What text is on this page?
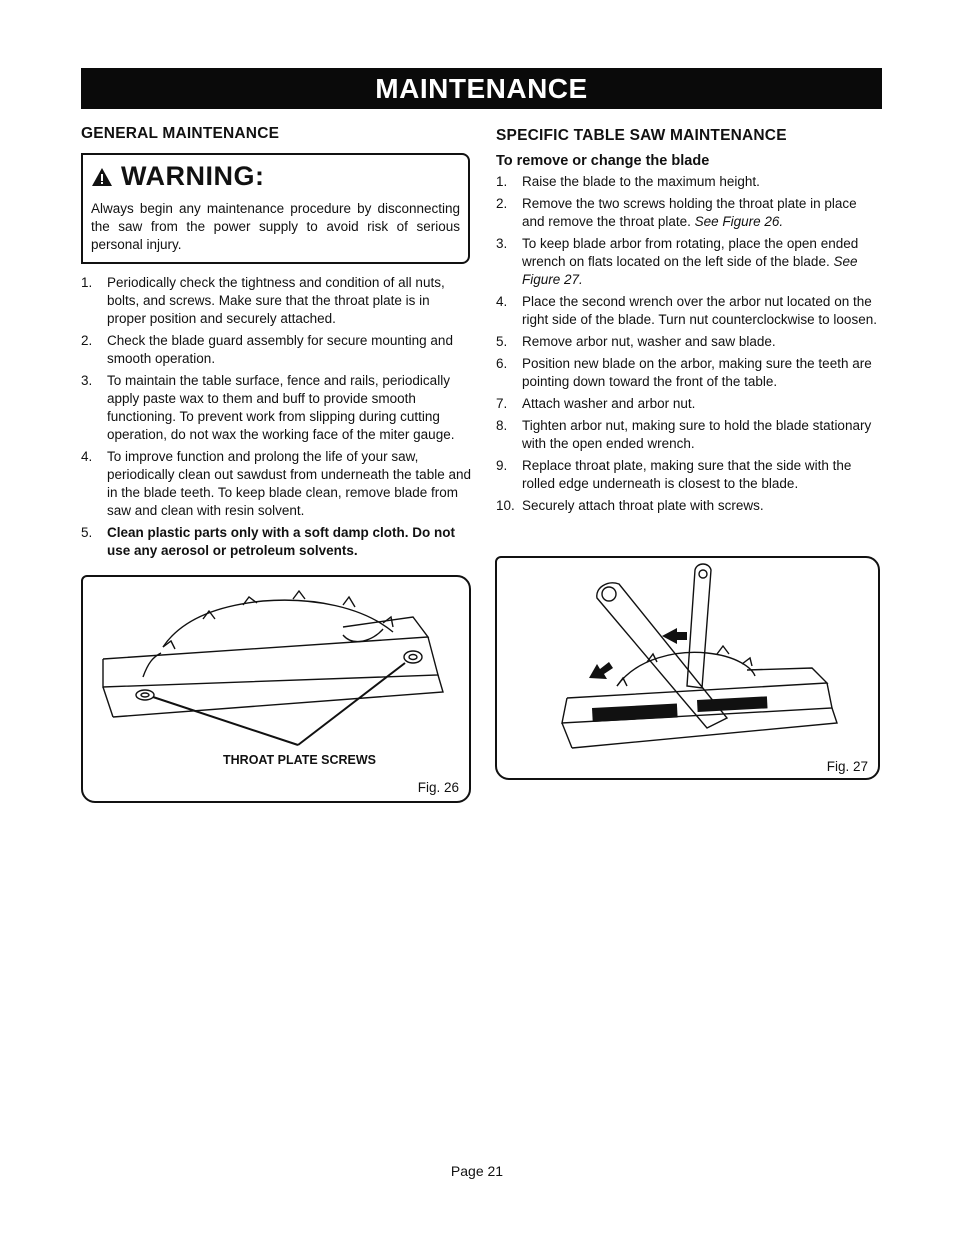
MAINTENANCE
GENERAL MAINTENANCE
WARNING:
Always begin any maintenance procedure by disconnecting the saw from the power supply to avoid risk of serious personal injury.
1.	Periodically check the tightness and condition of all nuts, bolts, and screws. Make sure that the throat plate is in proper position and securely attached.
2.	Check the blade guard assembly for secure mounting and smooth operation.
3.	To maintain the table surface, fence and rails, periodically apply paste wax to them and buff to provide smooth functioning. To prevent work from slipping during cutting operation, do not wax the working face of the miter gauge.
4.	To improve function and prolong the life of your saw, periodically clean out sawdust from underneath the table and in the blade teeth. To keep blade clean, remove blade from saw and clean with resin solvent.
5.	Clean plastic parts only with a soft damp cloth. Do not use any aerosol or petroleum solvents.
SPECIFIC TABLE SAW MAINTENANCE
To remove or change the blade
1.	Raise the blade to the maximum height.
2.	Remove the two screws holding the throat plate in place and remove the throat plate. See Figure 26.
3.	To keep blade arbor from rotating, place the open ended wrench on flats located on the left side of the blade. See Figure 27.
4.	Place the second wrench over the arbor nut located on the right side of the blade. Turn nut counterclockwise to loosen.
5.	Remove arbor nut, washer and saw blade.
6.	Position new blade on the arbor, making sure the teeth are pointing down toward the front of the table.
7.	Attach washer and arbor nut.
8.	Tighten arbor nut, making sure to hold the blade stationary with the open ended wrench.
9.	Replace throat plate, making sure that the side with the rolled edge underneath is closest to the blade.
10. Securely attach throat plate with screws.
THROAT PLATE SCREWS
Fig. 26
Fig. 27
Page 21
